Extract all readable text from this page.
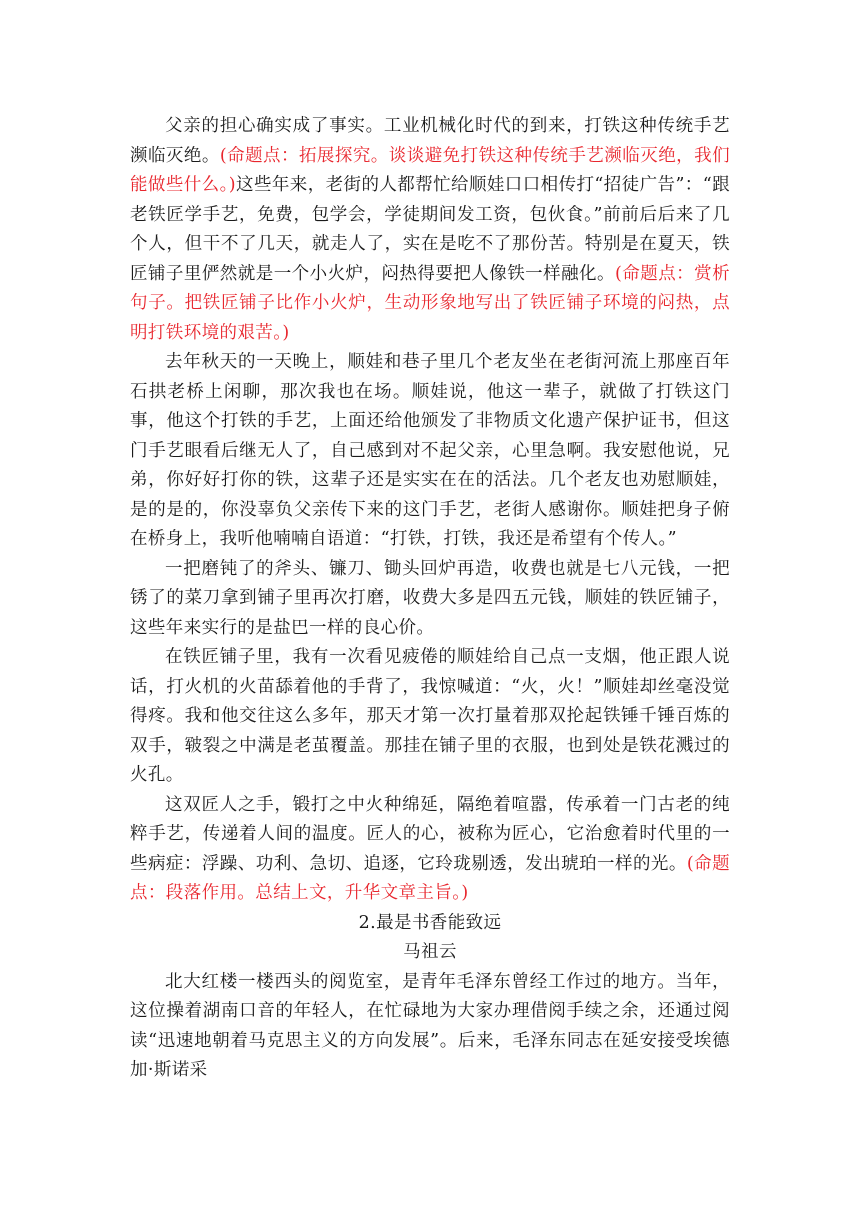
父亲的担心确实成了事实。工业机械化时代的到来，打铁这种传统手艺濒临灭绝。(命题点：拓展探究。谈谈避免打铁这种传统手艺濒临灭绝，我们能做些什么。)这些年来，老街的人都帮忙给顺娃口口相传打“招徒广告”：“跟老铁匠学手艺，免费，包学会，学徒期间发工资，包伙食。”前前后后来了几个人，但干不了几天，就走人了，实在是吃不了那份苦。特别是在夏天，铁匠铺子里俨然就是一个小火炉，闷热得要把人像铁一样融化。(命题点：赏析句子。把铁匠铺子比作小火炉，生动形象地写出了铁匠铺子环境的闷热，点明打铁环境的艰苦。)

去年秋天的一天晚上，顺娃和巷子里几个老友坐在老街河流上那座百年石拱老桥上闲聊，那次我也在场。顺娃说，他这一辈子，就做了打铁这门事，他这个打铁的手艺，上面还给他颁发了非物质文化遗产保护证书，但这门手艺眼看后继无人了，自己感到对不起父亲，心里急啊。我安慰他说，兄弟，你好好打你的铁，这辈子还是实实在在的活法。几个老友也劝慰顺娃，是的是的，你没辜负父亲传下来的这门手艺，老街人感谢你。顺娃把身子俯在桥身上，我听他喃喃自语道：“打铁，打铁，我还是希望有个传人。”

一把磨钝了的斧头、镰刀、锄头回炉再造，收费也就是七八元钱，一把锈了的菜刀拿到铺子里再次打磨，收费大多是四五元钱，顺娃的铁匠铺子，这些年来实行的是盐巴一样的良心价。

在铁匠铺子里，我有一次看见疲倦的顺娃给自己点一支烟，他正跟人说话，打火机的火苗舔着他的手背了，我惊喊道：“火，火！”顺娃却丝毫没觉得疼。我和他交往这么多年，那天才第一次打量着那双抡起铁锤千锤百炼的双手，皲裂之中满是老茧覆盖。那挂在铺子里的衣服，也到处是铁花溅过的火孔。

这双匠人之手，锻打之中火种绵延，隔绝着喧嚣，传承着一门古老的纯粹手艺，传递着人间的温度。匠人的心，被称为匠心，它治愈着时代里的一些病症：浮躁、功利、急切、追逐，它玲珑剔透，发出琥珀一样的光。(命题点：段落作用。总结上文，升华文章主旨。)

2.最是书香能致远

马祖云

北大红楼一楼西头的阅览室，是青年毛泽东曾经工作过的地方。当年，这位操着湖南口音的年轻人，在忙碌地为大家办理借阅手续之余，还通过阅读“迅速地朝着马克思主义的方向发展”。后来，毛泽东同志在延安接受埃德加·斯诺采
